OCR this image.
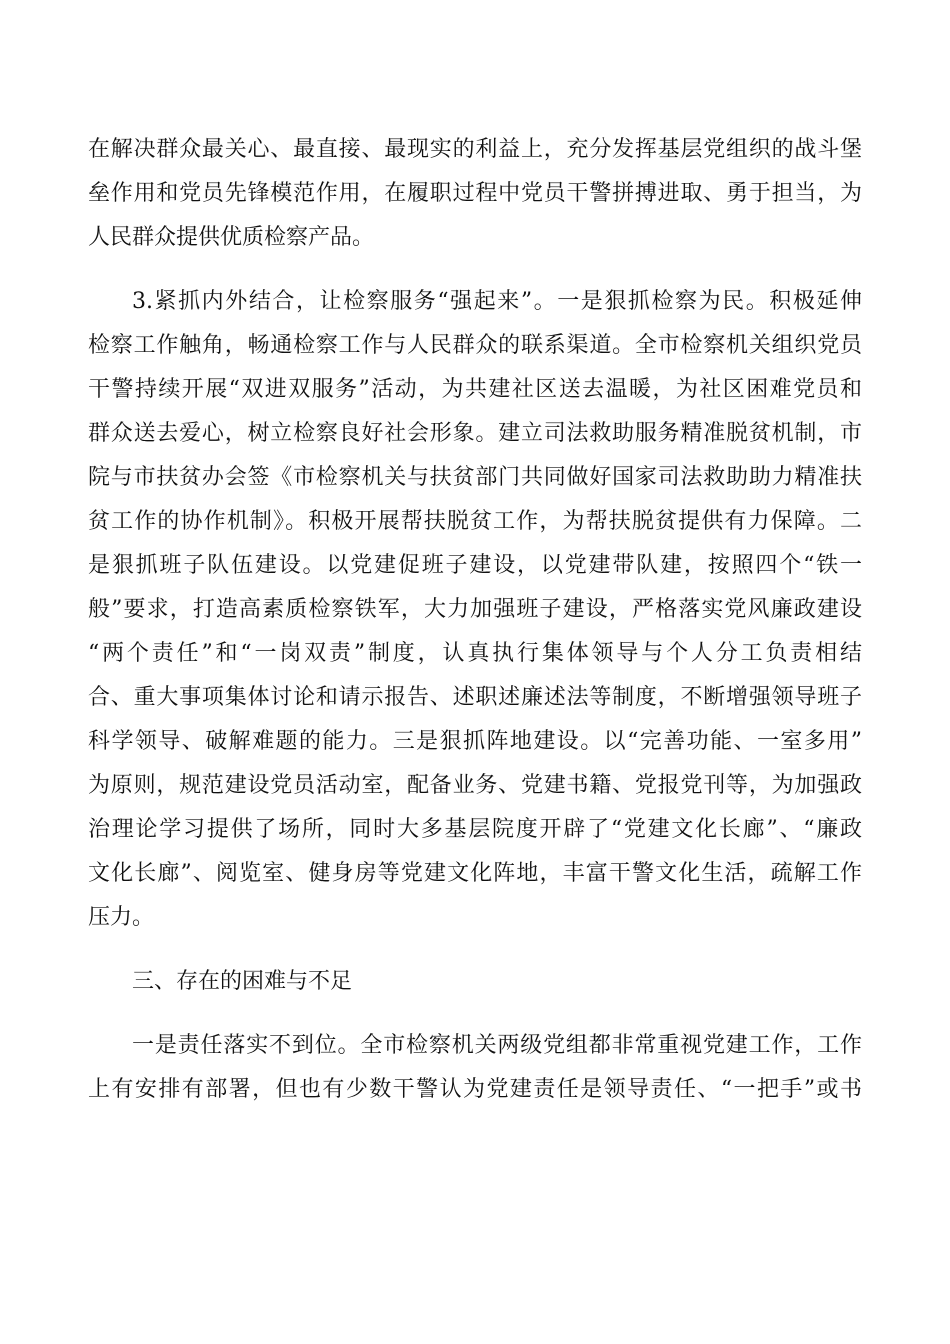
在解决群众最关心、最直接、最现实的利益上，充分发挥基层党组织的战斗堡
垒作用和党员先锋模范作用，在履职过程中党员干警拼搏进取、勇于担当，为
人民群众提供优质检察产品。
3.紧抓内外结合，让检察服务“强起来”。一是狠抓检察为民。积极延伸
检察工作触角，畅通检察工作与人民群众的联系渠道。全市检察机关组织党员
干警持续开展“双进双服务”活动，为共建社区送去温暖，为社区困难党员和
群众送去爱心，树立检察良好社会形象。建立司法救助服务精准脱贫机制，市
院与市扶贫办会签《市检察机关与扶贫部门共同做好国家司法救助助力精准扶
贫工作的协作机制》。积极开展帮扶脱贫工作，为帮扶脱贫提供有力保障。二
是狠抓班子队伍建设。以党建促班子建设，以党建带队建，按照四个“铁一
般”要求，打造高素质检察铁军，大力加强班子建设，严格落实党风廉政建设
“两个责任”和“一岗双责”制度，认真执行集体领导与个人分工负责相结
合、重大事项集体讨论和请示报告、述职述廉述法等制度，不断增强领导班子
科学领导、破解难题的能力。三是狠抓阵地建设。以“完善功能、一室多用”
为原则，规范建设党员活动室，配备业务、党建书籍、党报党刊等，为加强政
治理论学习提供了场所，同时大多基层院度开辟了“党建文化长廊”、“廉政
文化长廊”、阅览室、健身房等党建文化阵地，丰富干警文化生活，疏解工作
压力。
三、存在的困难与不足
一是责任落实不到位。全市检察机关两级党组都非常重视党建工作，工作
上有安排有部署，但也有少数干警认为党建责任是领导责任、“一把手”或书
